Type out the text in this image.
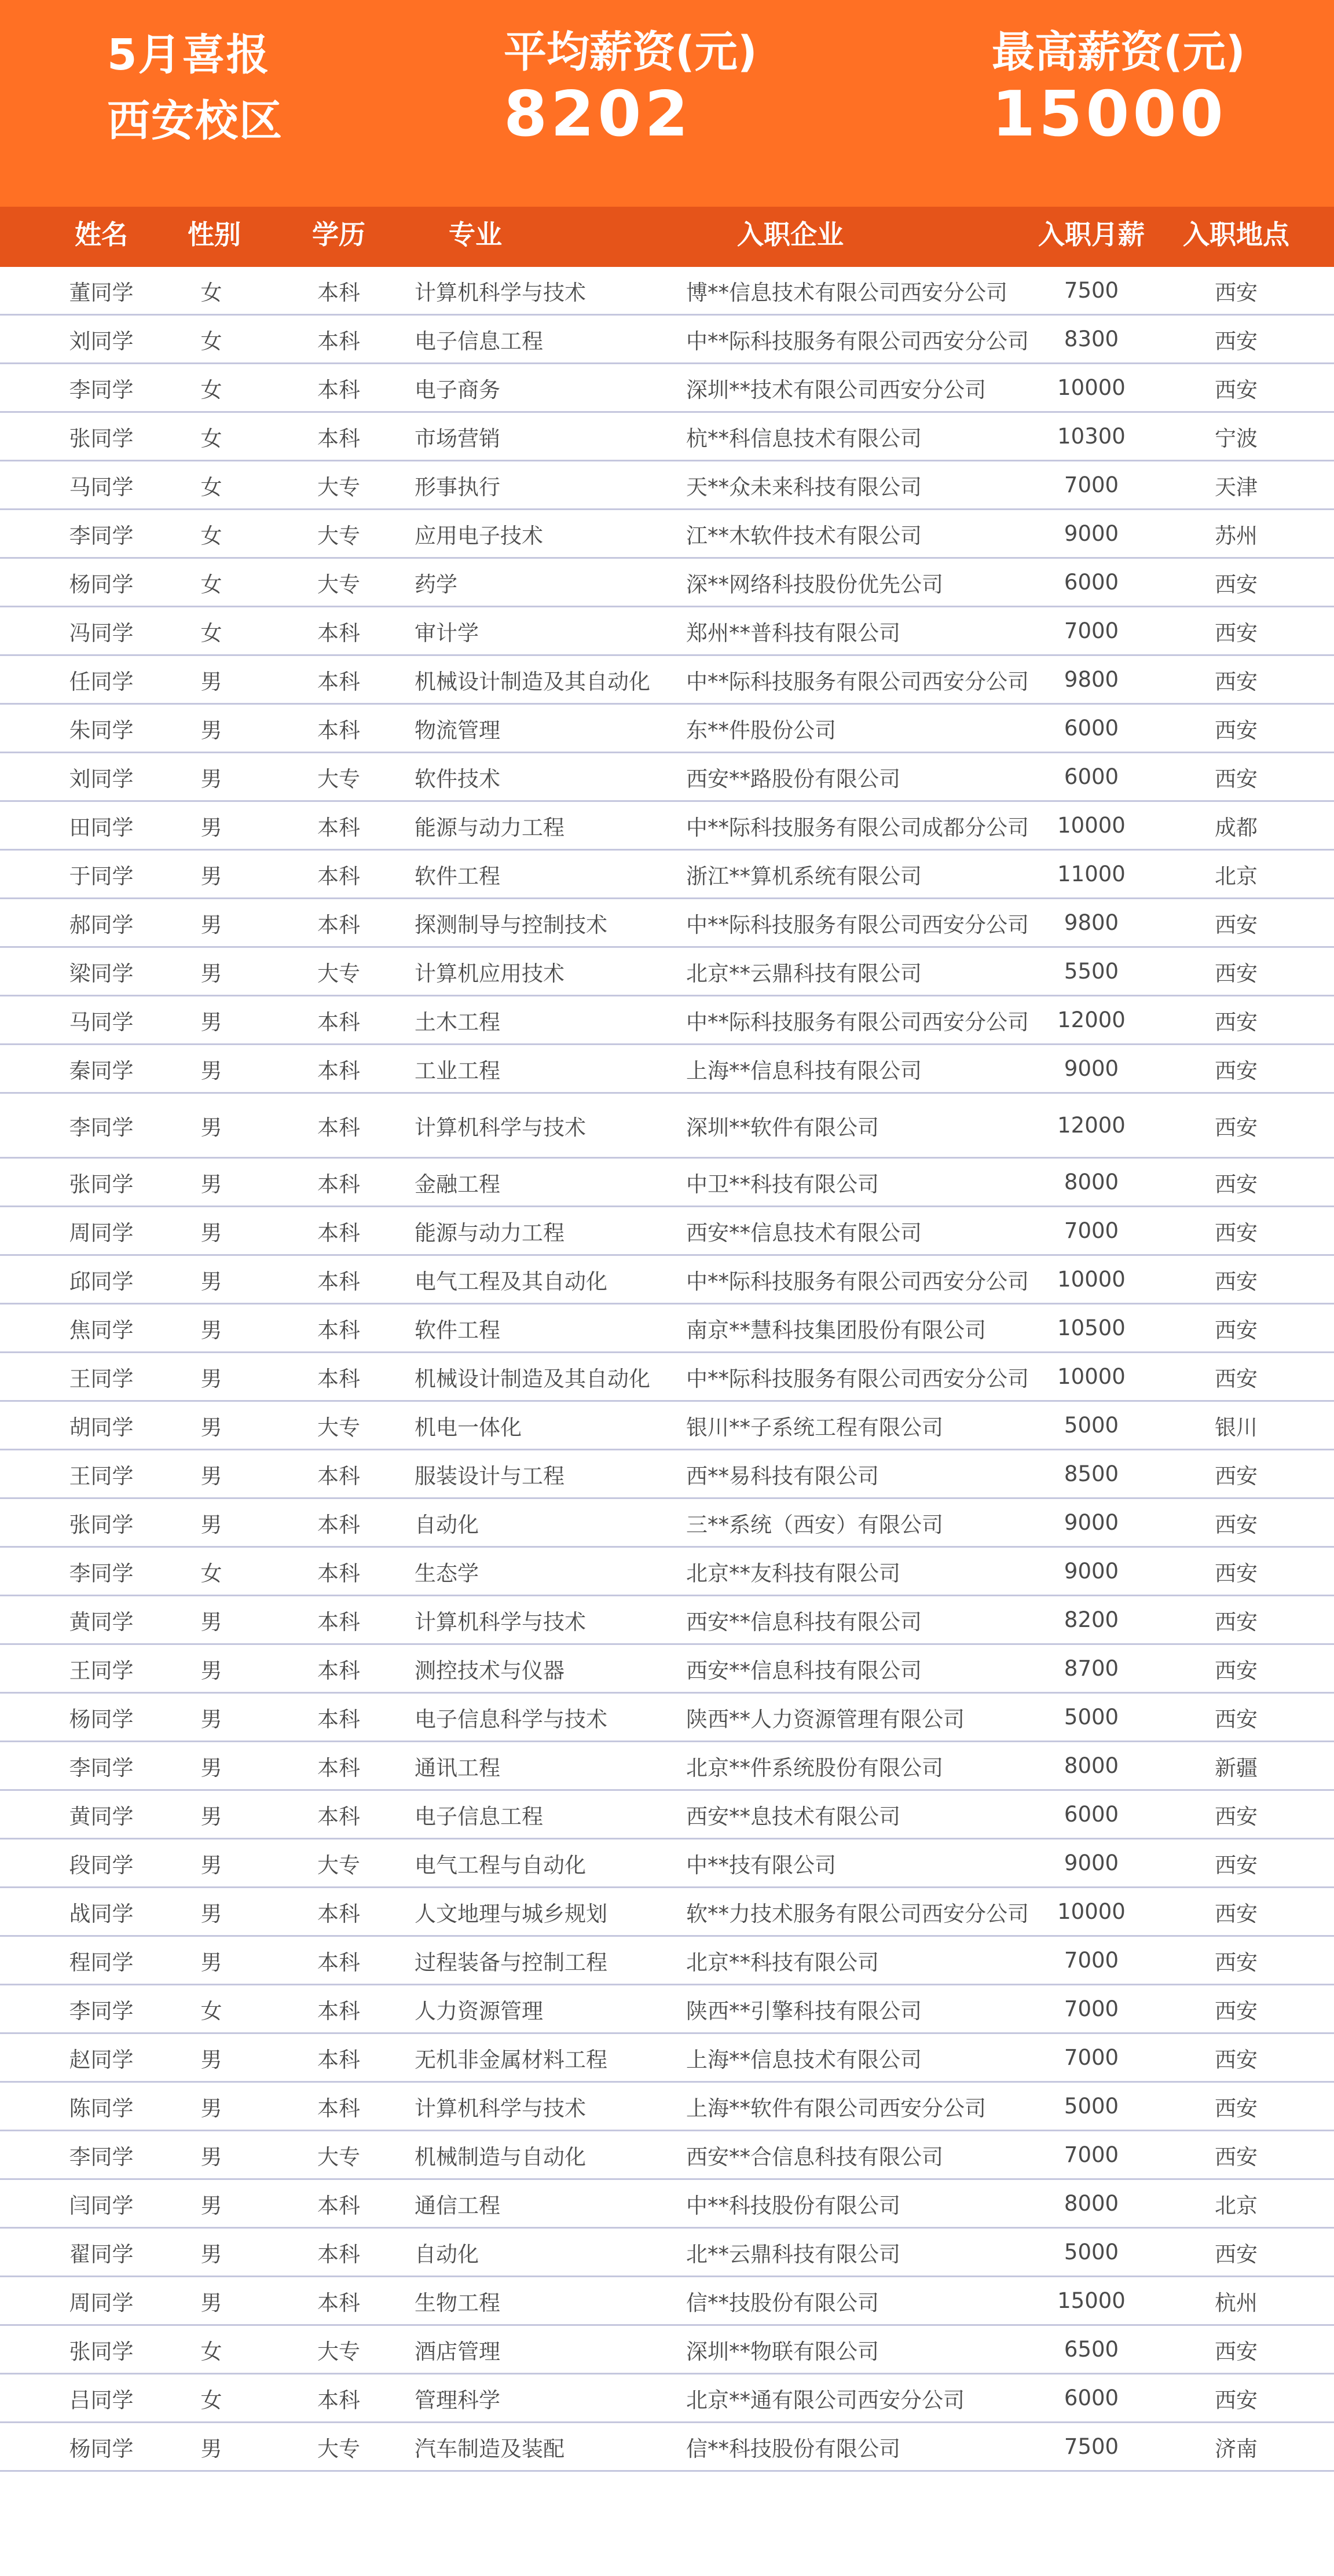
5月喜报
西安校区
平均薪资(元)
8202
最高薪资(元)
15000
姓名	性别	学历	专业	入职企业	入职月薪	入职地点
董同学	女	本科	计算机科学与技术	博**信息技术有限公司西安分公司	7500	西安
刘同学	女	本科	电子信息工程	中**际科技服务有限公司西安分公司	8300	西安
李同学	女	本科	电子商务	深圳**技术有限公司西安分公司	10000	西安
张同学	女	本科	市场营销	杭**科信息技术有限公司	10300	宁波
马同学	女	大专	形事执行	天**众未来科技有限公司	7000	天津
李同学	女	大专	应用电子技术	江**木软件技术有限公司	9000	苏州
杨同学	女	大专	药学	深**网络科技股份优先公司	6000	西安
冯同学	女	本科	审计学	郑州**普科技有限公司	7000	西安
任同学	男	本科	机械设计制造及其自动化	中**际科技服务有限公司西安分公司	9800	西安
朱同学	男	本科	物流管理	东**件股份公司	6000	西安
刘同学	男	大专	软件技术	西安**路股份有限公司	6000	西安
田同学	男	本科	能源与动力工程	中**际科技服务有限公司成都分公司	10000	成都
于同学	男	本科	软件工程	浙江**算机系统有限公司	11000	北京
郝同学	男	本科	探测制导与控制技术	中**际科技服务有限公司西安分公司	9800	西安
梁同学	男	大专	计算机应用技术	北京**云鼎科技有限公司	5500	西安
马同学	男	本科	土木工程	中**际科技服务有限公司西安分公司	12000	西安
秦同学	男	本科	工业工程	上海**信息科技有限公司	9000	西安
李同学	男	本科	计算机科学与技术	深圳**软件有限公司	12000	西安
张同学	男	本科	金融工程	中卫**科技有限公司	8000	西安
周同学	男	本科	能源与动力工程	西安**信息技术有限公司	7000	西安
邱同学	男	本科	电气工程及其自动化	中**际科技服务有限公司西安分公司	10000	西安
焦同学	男	本科	软件工程	南京**慧科技集团股份有限公司	10500	西安
王同学	男	本科	机械设计制造及其自动化	中**际科技服务有限公司西安分公司	10000	西安
胡同学	男	大专	机电一体化	银川**子系统工程有限公司	5000	银川
王同学	男	本科	服装设计与工程	西**易科技有限公司	8500	西安
张同学	男	本科	自动化	三**系统（西安）有限公司	9000	西安
李同学	女	本科	生态学	北京**友科技有限公司	9000	西安
黄同学	男	本科	计算机科学与技术	西安**信息科技有限公司	8200	西安
王同学	男	本科	测控技术与仪器	西安**信息科技有限公司	8700	西安
杨同学	男	本科	电子信息科学与技术	陕西**人力资源管理有限公司	5000	西安
李同学	男	本科	通讯工程	北京**件系统股份有限公司	8000	新疆
黄同学	男	本科	电子信息工程	西安**息技术有限公司	6000	西安
段同学	男	大专	电气工程与自动化	中**技有限公司	9000	西安
战同学	男	本科	人文地理与城乡规划	软**力技术服务有限公司西安分公司	10000	西安
程同学	男	本科	过程装备与控制工程	北京**科技有限公司	7000	西安
李同学	女	本科	人力资源管理	陕西**引擎科技有限公司	7000	西安
赵同学	男	本科	无机非金属材料工程	上海**信息技术有限公司	7000	西安
陈同学	男	本科	计算机科学与技术	上海**软件有限公司西安分公司	5000	西安
李同学	男	大专	机械制造与自动化	西安**合信息科技有限公司	7000	西安
闫同学	男	本科	通信工程	中**科技股份有限公司	8000	北京
翟同学	男	本科	自动化	北**云鼎科技有限公司	5000	西安
周同学	男	本科	生物工程	信**技股份有限公司	15000	杭州
张同学	女	大专	酒店管理	深圳**物联有限公司	6500	西安
吕同学	女	本科	管理科学	北京**通有限公司西安分公司	6000	西安
杨同学	男	大专	汽车制造及装配	信**科技股份有限公司	7500	济南
